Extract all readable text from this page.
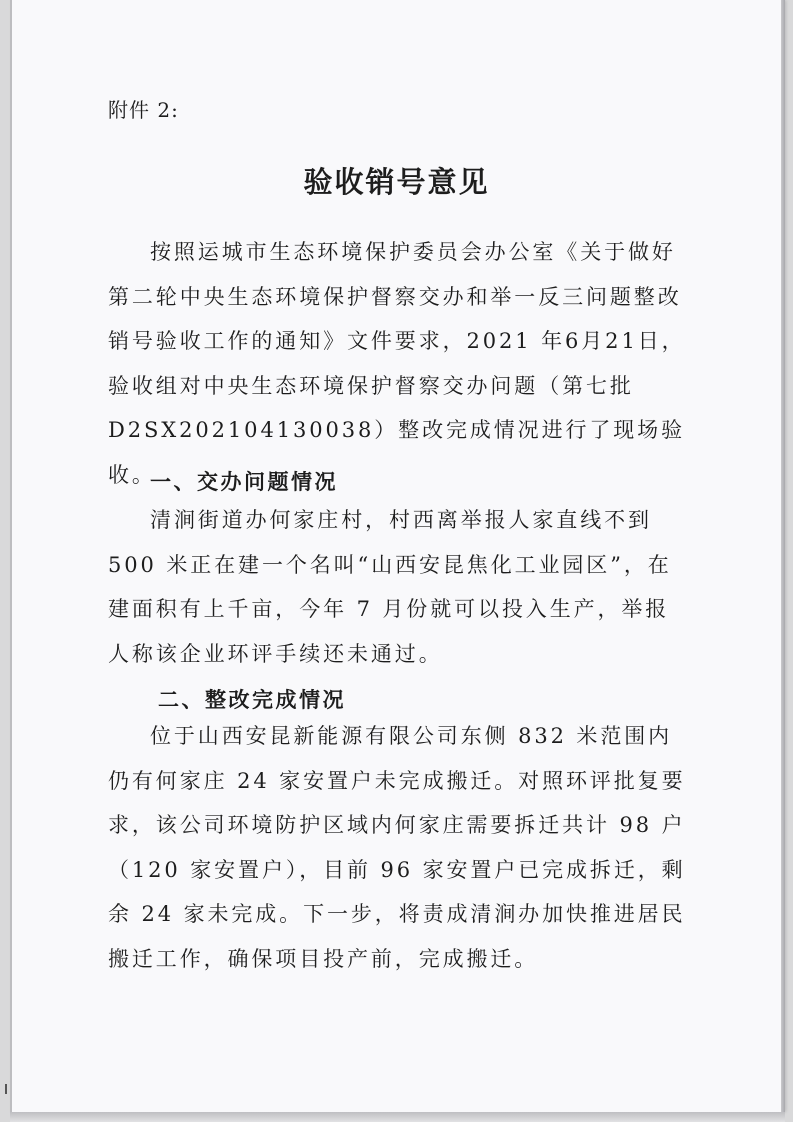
附件 2:
验收销号意见

按照运城市生态环境保护委员会办公室《关于做好第二轮中央生态环境保护督察交办和举一反三问题整改销号验收工作的通知》文件要求，2021 年6月21日，验收组对中央生态环境保护督察交办问题（第七批 D2SX202104130038）整改完成情况进行了现场验收。

一、交办问题情况

清涧街道办何家庄村，村西离举报人家直线不到 500 米正在建一个名叫“山西安昆焦化工业园区”，在建面积有上千亩，今年 7 月份就可以投入生产，举报人称该企业环评手续还未通过。

二、整改完成情况

位于山西安昆新能源有限公司东侧 832 米范围内仍有何家庄 24 家安置户未完成搬迁。对照环评批复要求，该公司环境防护区域内何家庄需要拆迁共计 98 户（120 家安置户），目前 96 家安置户已完成拆迁，剩余 24 家未完成。下一步，将责成清涧办加快推进居民搬迁工作，确保项目投产前，完成搬迁。
